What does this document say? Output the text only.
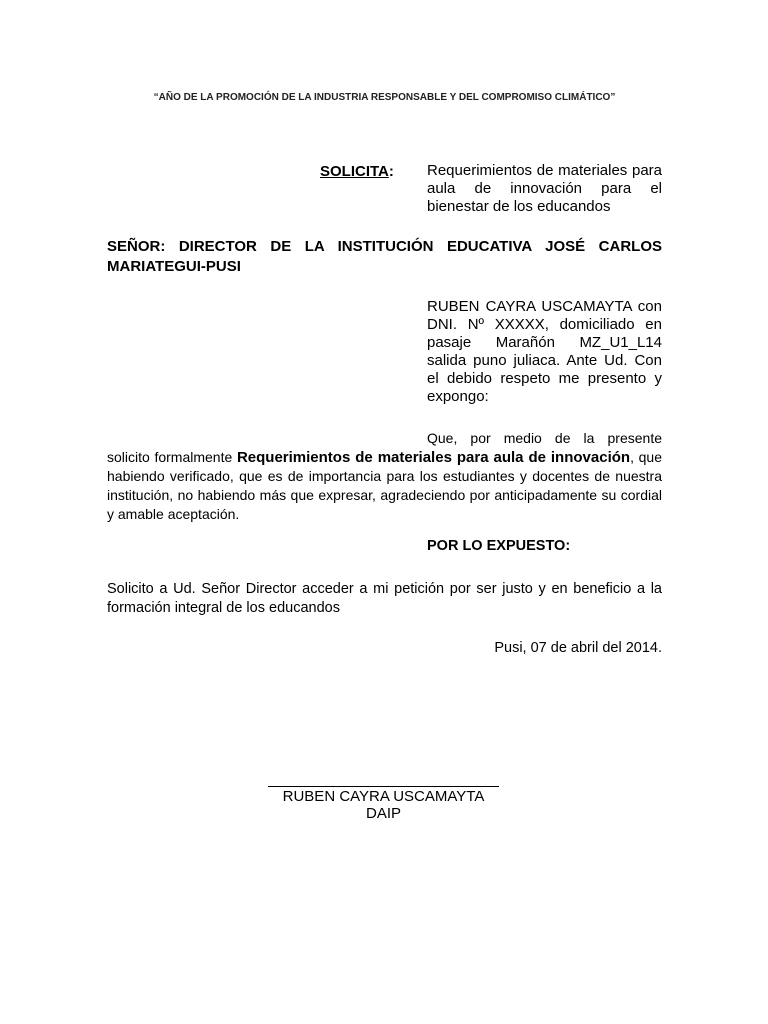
“AÑO DE LA PROMOCIÓN DE LA INDUSTRIA RESPONSABLE Y DEL COMPROMISO CLIMÁTICO”
SOLICITA: Requerimientos de materiales para aula de innovación para el bienestar de los educandos
SEÑOR: DIRECTOR DE LA INSTITUCIÓN EDUCATIVA JOSÉ CARLOS MARIATEGUI-PUSI
RUBEN CAYRA USCAMAYTA con DNI. Nº XXXXX, domiciliado en pasaje Marañón MZ_U1_L14 salida puno juliaca. Ante Ud. Con el debido respeto me presento y expongo:
Que, por medio de la presente solicito formalmente Requerimientos de materiales para aula de innovación, que habiendo verificado, que es de importancia para los estudiantes y docentes de nuestra institución, no habiendo más que expresar, agradeciendo por anticipadamente su cordial y amable aceptación.
POR LO EXPUESTO:
Solicito a Ud. Señor Director acceder a mi petición por ser justo y en beneficio a la formación integral de los educandos
Pusi, 07 de abril del 2014.
RUBEN CAYRA USCAMAYTA
DAIP
